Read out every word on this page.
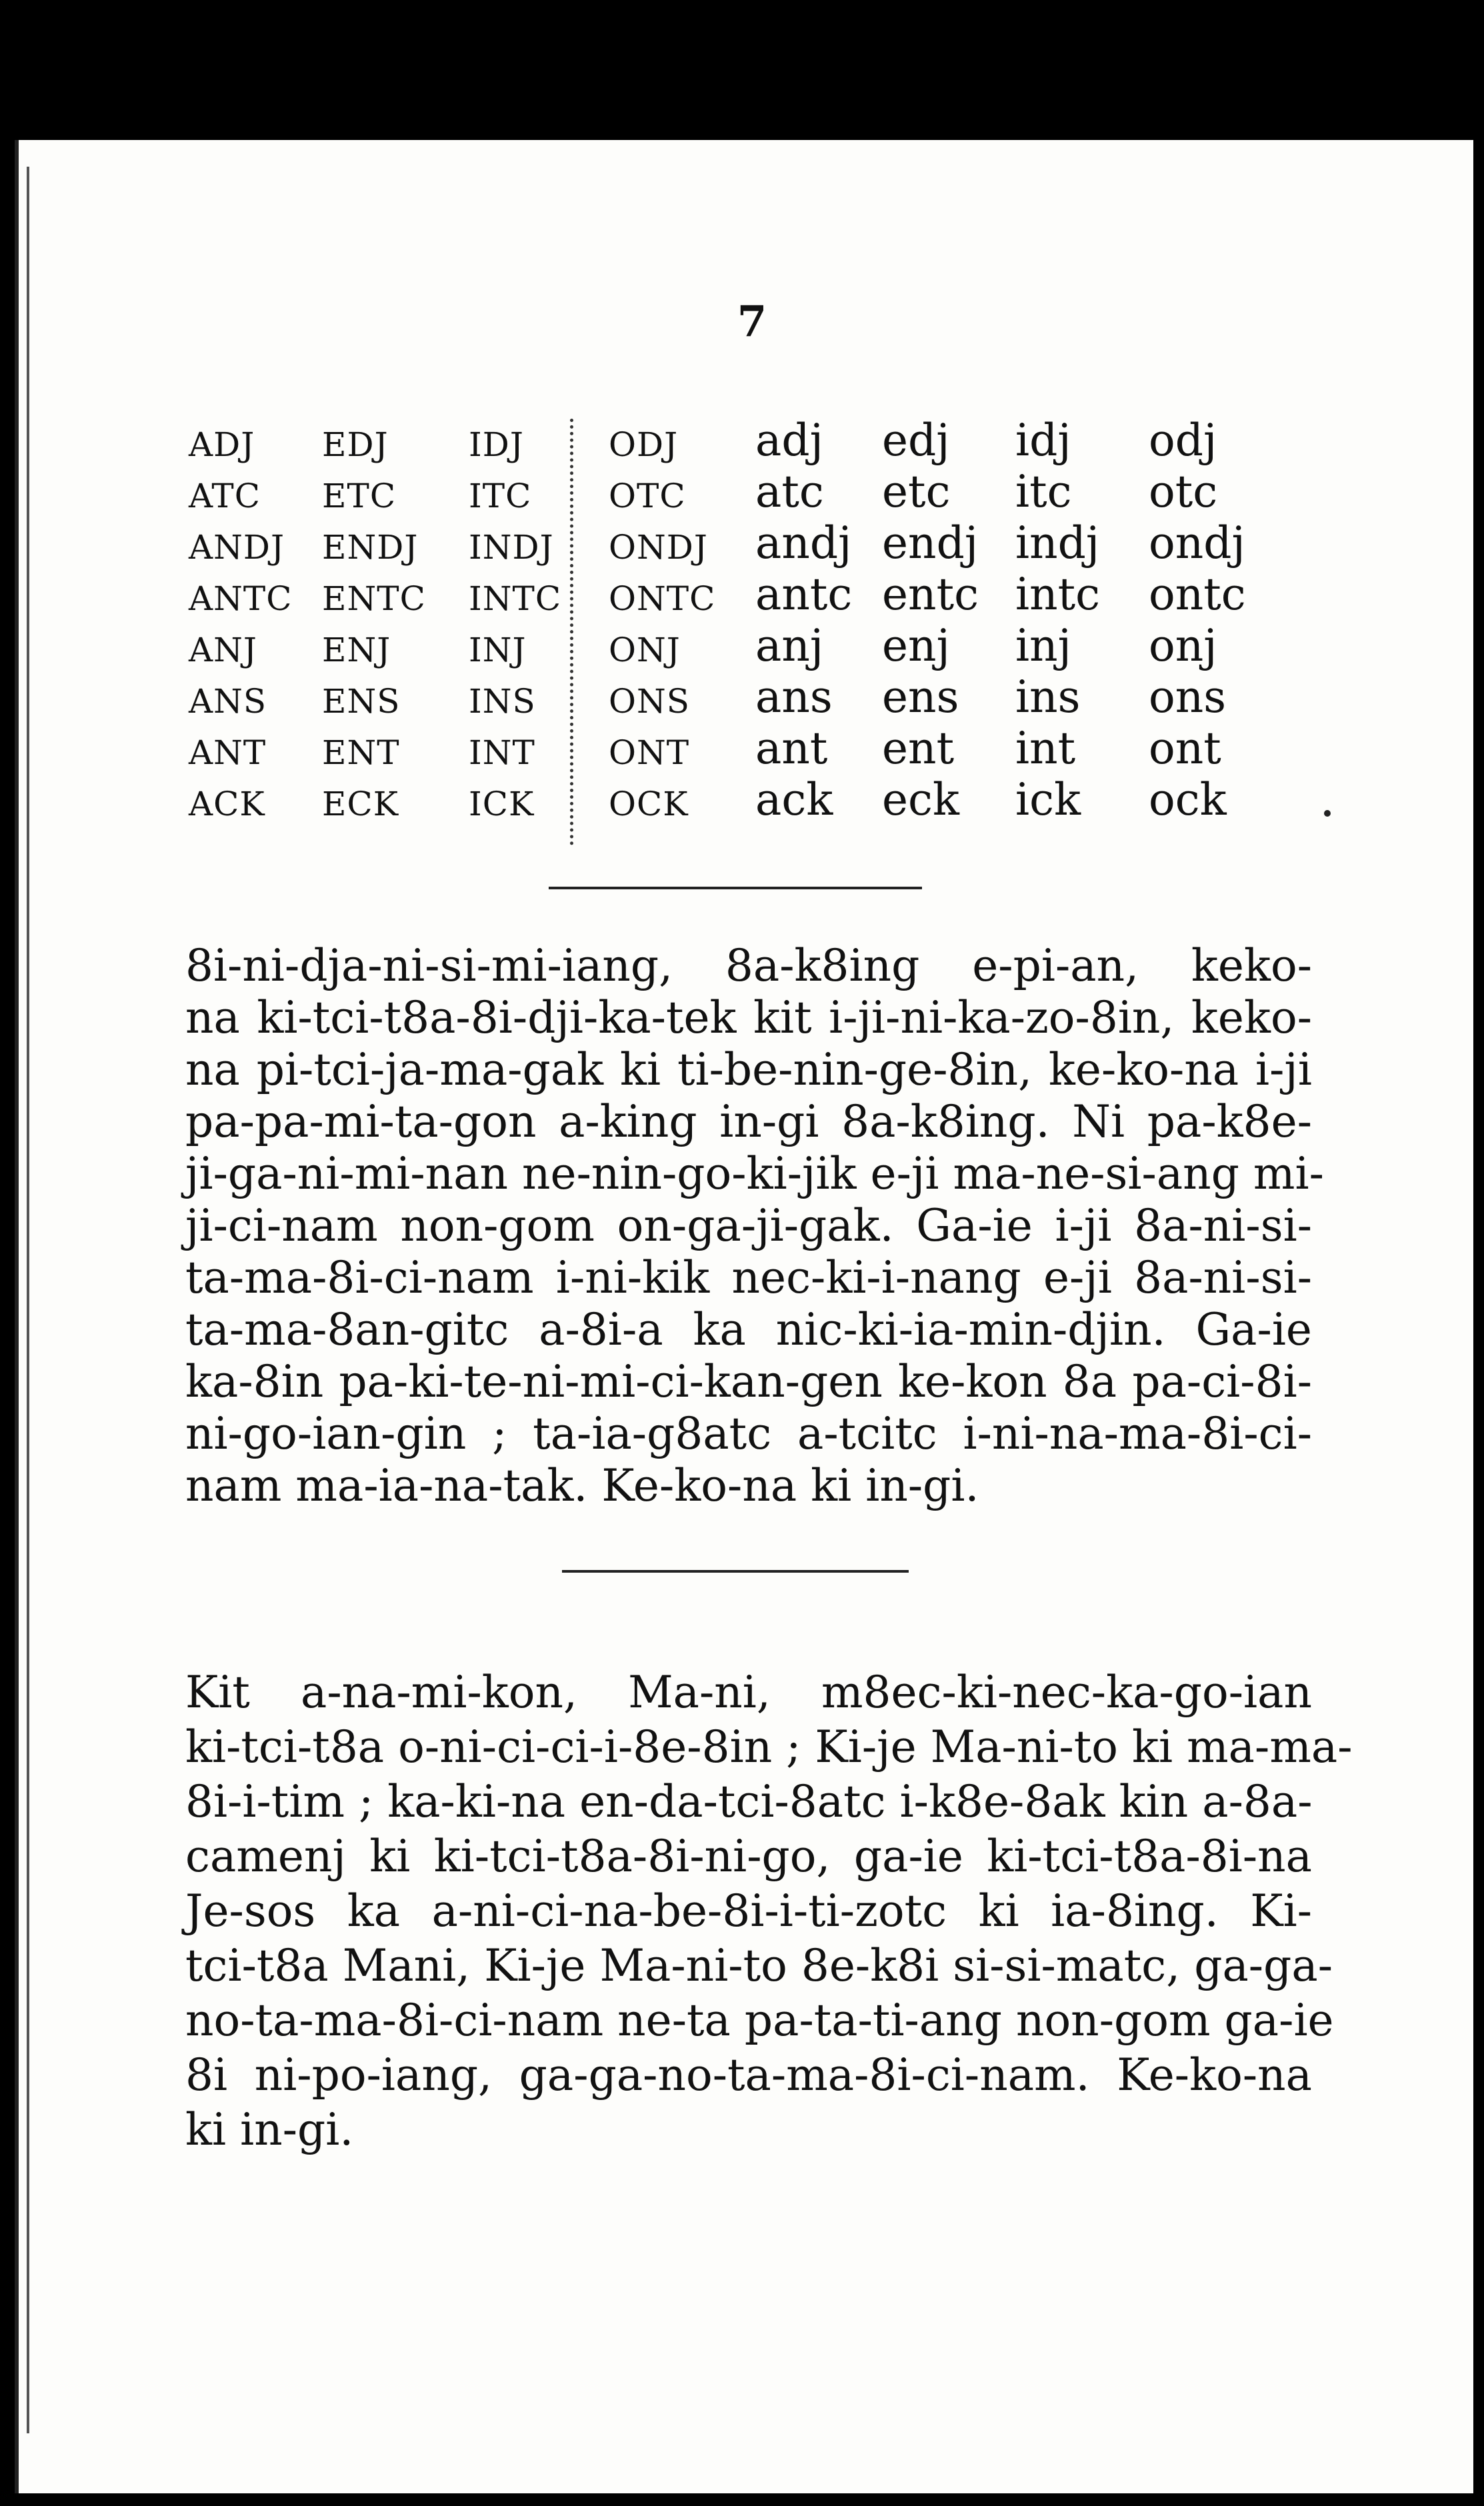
7
ADJ EDJ IDJ	ODJ adj edj idj odj
ATC ETC ITC OTC atc etc itc otc
ANDJ ENDJ INDJ ONDJ andj endj indj ondj
ANTC ENTC INTC ONTC antc entc intc ontc
ANJ ENJ INJ ONJ anj enj inj onj
ANS ENS INS ONS ans ens ins ons
ANT ENT INT ONT ant ent int ont
ACK ECK ICK OCK ack eck ick ock
8i-ni-dja-ni-si-mi-iang, 8a-k8ing e-pi-an, keko-
na ki-tci-t8a-8i-dji-ka-tek kit i-ji-ni-ka-zo-8in, keko-
na pi-tci-ja-ma-gak ki ti-be-nin-ge-8in, ke-ko-na i-ji
pa-pa-mi-ta-gon a-king in-gi 8a-k8ing. Ni pa-k8e-
ji-ga-ni-mi-nan ne-nin-go-ki-jik e-ji ma-ne-si-ang mi-
ji-ci-nam non-gom on-ga-ji-gak. Ga-ie i-ji 8a-ni-si-
ta-ma-8i-ci-nam i-ni-kik nec-ki-i-nang e-ji 8a-ni-si-
ta-ma-8an-gitc a-8i-a ka nic-ki-ia-min-djin. Ga-ie
ka-8in pa-ki-te-ni-mi-ci-kan-gen ke-kon 8a pa-ci-8i-
ni-go-ian-gin ; ta-ia-g8atc a-tcitc i-ni-na-ma-8i-ci-
nam ma-ia-na-tak. Ke-ko-na ki in-gi.
Kit a-na-mi-kon, Ma-ni, m8ec-ki-nec-ka-go-ian
ki-tci-t8a o-ni-ci-ci-i-8e-8in ; Ki-je Ma-ni-to ki ma-ma-
8i-i-tim ; ka-ki-na en-da-tci-8atc i-k8e-8ak kin a-8a-
camenj ki ki-tci-t8a-8i-ni-go, ga-ie ki-tci-t8a-8i-na
Je-sos ka a-ni-ci-na-be-8i-i-ti-zotc ki ia-8ing. Ki-
tci-t8a Mani, Ki-je Ma-ni-to 8e-k8i si-si-matc, ga-ga-
no-ta-ma-8i-ci-nam ne-ta pa-ta-ti-ang non-gom ga-ie
8i ni-po-iang, ga-ga-no-ta-ma-8i-ci-nam. Ke-ko-na
ki in-gi.
